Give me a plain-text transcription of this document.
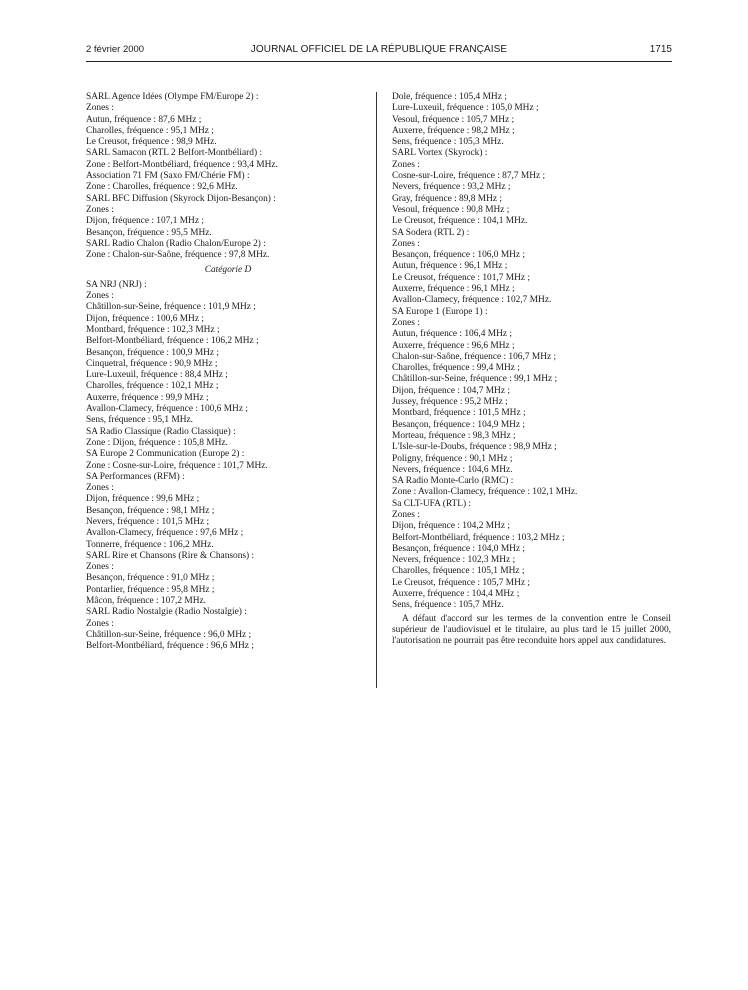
2 février 2000	JOURNAL OFFICIEL DE LA RÉPUBLIQUE FRANÇAISE	1715
SARL Agence Idées (Olympe FM/Europe 2) :
Zones :
Autun, fréquence : 87,6 MHz ;
Charolles, fréquence : 95,1 MHz ;
Le Creusot, fréquence : 98,9 MHz.
SARL Samacon (RTL 2 Belfort-Montbéliard) :
Zone : Belfort-Montbéliard, fréquence : 93,4 MHz.
Association 71 FM (Saxo FM/Chérie FM) :
Zone : Charolles, fréquence : 92,6 MHz.
SARL BFC Diffusion (Skyrock Dijon-Besançon) :
Zones :
Dijon, fréquence : 107,1 MHz ;
Besançon, fréquence : 95,5 MHz.
SARL Radio Chalon (Radio Chalon/Europe 2) :
Zone : Chalon-sur-Saône, fréquence : 97,8 MHz.
Catégorie D
SA NRJ (NRJ) :
Zones :
Châtillon-sur-Seine, fréquence : 101,9 MHz ;
Dijon, fréquence : 100,6 MHz ;
Montbard, fréquence : 102,3 MHz ;
Belfort-Montbéliard, fréquence : 106,2 MHz ;
Besançon, fréquence : 100,9 MHz ;
Cinquetral, fréquence : 90,9 MHz ;
Lure-Luxeuil, fréquence : 88,4 MHz ;
Charolles, fréquence : 102,1 MHz ;
Auxerre, fréquence : 99,9 MHz ;
Avallon-Clamecy, fréquence : 100,6 MHz ;
Sens, fréquence : 95,1 MHz.
SA Radio Classique (Radio Classique) :
Zone : Dijon, fréquence : 105,8 MHz.
SA Europe 2 Communication (Europe 2) :
Zone : Cosne-sur-Loire, fréquence : 101,7 MHz.
SA Performances (RFM) :
Zones :
Dijon, fréquence : 99,6 MHz ;
Besançon, fréquence : 98,1 MHz ;
Nevers, fréquence : 101,5 MHz ;
Avallon-Clamecy, fréquence : 97,6 MHz ;
Tonnerre, fréquence : 106,2 MHz.
SARL Rire et Chansons (Rire & Chansons) :
Zones :
Besançon, fréquence : 91,0 MHz ;
Pontarlier, fréquence : 95,8 MHz ;
Mâcon, fréquence : 107,2 MHz.
SARL Radio Nostalgie (Radio Nostalgie) :
Zones :
Châtillon-sur-Seine, fréquence : 96,0 MHz ;
Belfort-Montbéliard, fréquence : 96,6 MHz ;
Dole, fréquence : 105,4 MHz ;
Lure-Luxeuil, fréquence : 105,0 MHz ;
Vesoul, fréquence : 105,7 MHz ;
Auxerre, fréquence : 98,2 MHz ;
Sens, fréquence : 105,3 MHz.
SARL Vortex (Skyrock) :
Zones :
Cosne-sur-Loire, fréquence : 87,7 MHz ;
Nevers, fréquence : 93,2 MHz ;
Gray, fréquence : 89,8 MHz ;
Vesoul, fréquence : 90,8 MHz ;
Le Creusot, fréquence : 104,1 MHz.
SA Sodera (RTL 2) :
Zones :
Besançon, fréquence : 106,0 MHz ;
Autun, fréquence : 96,1 MHz ;
Le Creusot, fréquence : 101,7 MHz ;
Auxerre, fréquence : 96,1 MHz ;
Avallon-Clamecy, fréquence : 102,7 MHz.
SA Europe 1 (Europe 1) :
Zones :
Autun, fréquence : 106,4 MHz ;
Auxerre, fréquence : 96,6 MHz ;
Chalon-sur-Saône, fréquence : 106,7 MHz ;
Charolles, fréquence : 99,4 MHz ;
Châtillon-sur-Seine, fréquence : 99,1 MHz ;
Dijon, fréquence : 104,7 MHz ;
Jussey, fréquence : 95,2 MHz ;
Montbard, fréquence : 101,5 MHz ;
Besançon, fréquence : 104,9 MHz ;
Morteau, fréquence : 98,3 MHz ;
L'Isle-sur-le-Doubs, fréquence : 98,9 MHz ;
Poligny, fréquence : 90,1 MHz ;
Nevers, fréquence : 104,6 MHz.
SA Radio Monte-Carlo (RMC) :
Zone : Avallon-Clamecy, fréquence : 102,1 MHz.
Sa CLT-UFA (RTL) :
Zones :
Dijon, fréquence : 104,2 MHz ;
Belfort-Montbéliard, fréquence : 103,2 MHz ;
Besançon, fréquence : 104,0 MHz ;
Nevers, fréquence : 102,3 MHz ;
Charolles, fréquence : 105,1 MHz ;
Le Creusot, fréquence : 105,7 MHz ;
Auxerre, fréquence : 104,4 MHz ;
Sens, fréquence : 105,7 MHz.
A défaut d'accord sur les termes de la convention entre le Conseil supérieur de l'audiovisuel et le titulaire, au plus tard le 15 juillet 2000, l'autorisation ne pourrait pas être reconduite hors appel aux candidatures.
